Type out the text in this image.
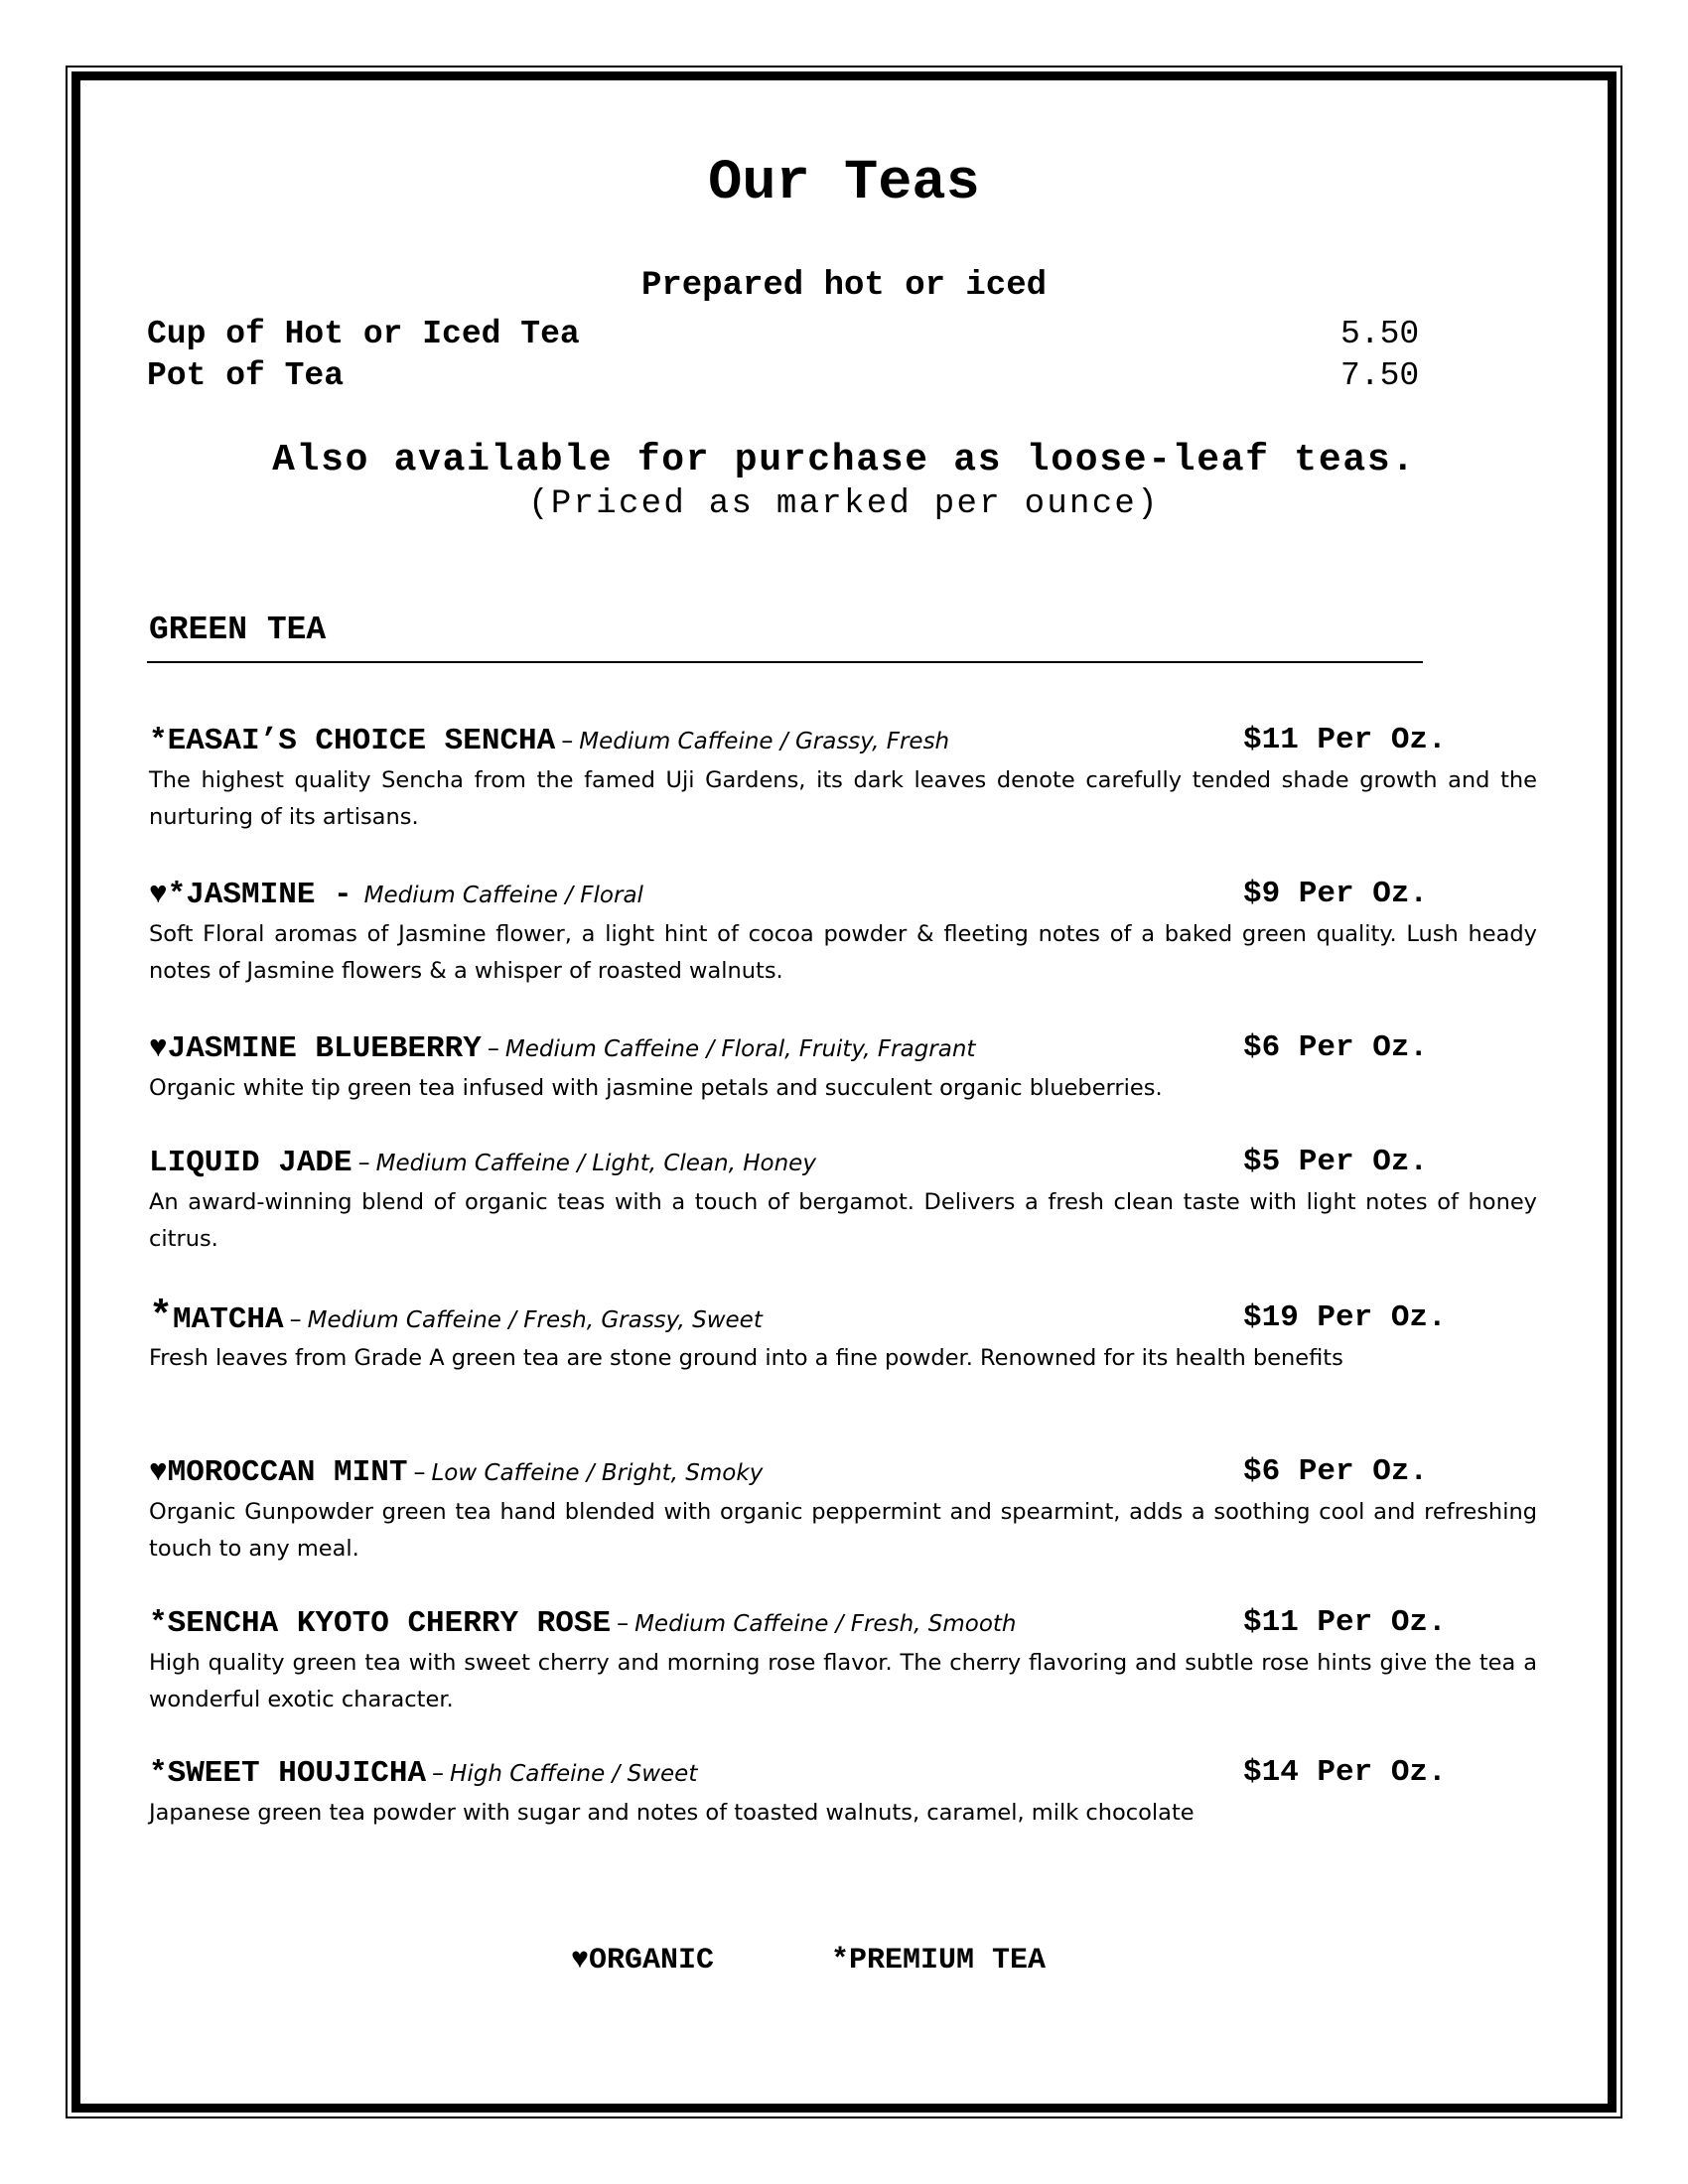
Our Teas
Prepared hot or iced
Cup of Hot or Iced Tea	5.50
Pot of Tea	7.50
Also available for purchase as loose-leaf teas.
(Priced as marked per ounce)
GREEN TEA
*EASAI’S CHOICE SENCHA – Medium Caffeine / Grassy, Fresh	$11 Per Oz.
The highest quality Sencha from the famed Uji Gardens, its dark leaves denote carefully tended shade growth and the nurturing of its artisans.
♥*JASMINE - Medium Caffeine / Floral	$9 Per Oz.
Soft Floral aromas of Jasmine flower, a light hint of cocoa powder & fleeting notes of a baked green quality. Lush heady notes of Jasmine flowers & a whisper of roasted walnuts.
♥JASMINE BLUEBERRY – Medium Caffeine / Floral, Fruity, Fragrant	$6 Per Oz.
Organic white tip green tea infused with jasmine petals and succulent organic blueberries.
LIQUID JADE – Medium Caffeine / Light, Clean, Honey	$5 Per Oz.
An award-winning blend of organic teas with a touch of bergamot. Delivers a fresh clean taste with light notes of honey citrus.
*MATCHA – Medium Caffeine / Fresh, Grassy, Sweet	$19 Per Oz.
Fresh leaves from Grade A green tea are stone ground into a fine powder. Renowned for its health benefits
♥MOROCCAN MINT – Low Caffeine / Bright, Smoky	$6 Per Oz.
Organic Gunpowder green tea hand blended with organic peppermint and spearmint, adds a soothing cool and refreshing touch to any meal.
*SENCHA KYOTO CHERRY ROSE – Medium Caffeine / Fresh, Smooth	$11 Per Oz.
High quality green tea with sweet cherry and morning rose flavor. The cherry flavoring and subtle rose hints give the tea a wonderful exotic character.
*SWEET HOUJICHA – High Caffeine / Sweet	$14 Per Oz.
Japanese green tea powder with sugar and notes of toasted walnuts, caramel, milk chocolate
♥ORGANIC	*PREMIUM TEA
